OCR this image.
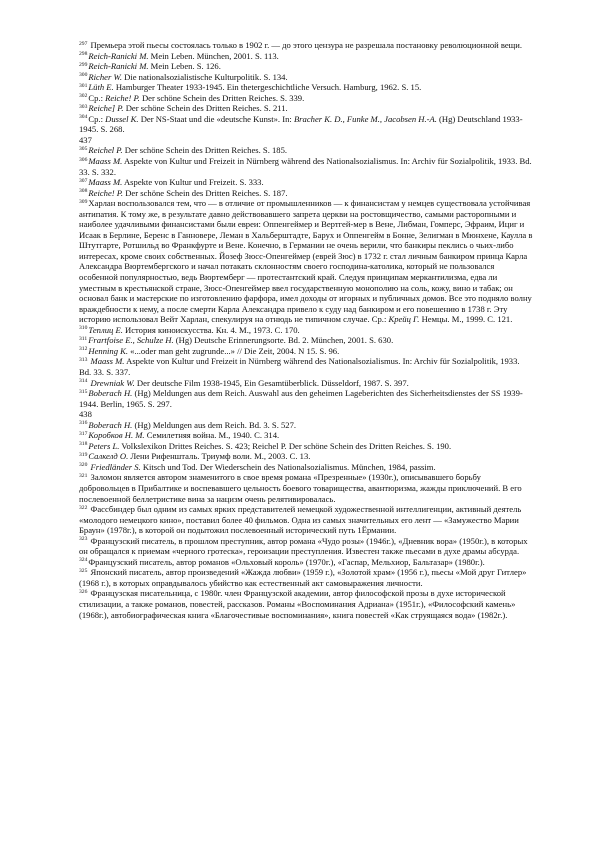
$^{297}$ Премьера этой пьесы состоялась только в 1902 г. — до этого цензура не разрешала постановку революционной вещи.

$^{298}$Reich-Ranicki M. Mein Leben. München, 2001. S. 113.

$^{299}$Reich-Ranicki M. Mein Leben. S. 126.

$^{300}$Richer W. Die nationalsozialistische Kulturpolitik. S. 134.

$^{301}$Lüth E. Hamburger Theater 1933-1945. Ein thetergeschichtliche Versuch. Hamburg, 1962. S. 15.

$^{302}$Cp.: Reiche! P. Der schöne Schein des Dritten Reiches. S. 339.

$^{303}$Reiche] P. Der schöne Schein des Dritten Reiches. S. 211.

$^{304}$Cp.: Dussel K. Der NS-Staat und die «deutsche Kunst». In: Bracher K. D., Funke M., Jacobsen H.-A. (Hg) Deutschland 1933-1945. S. 268.

437

$^{305}$Reichel P. Der schöne Schein des Dritten Reiches. S. 185.

$^{306}$Maass M. Aspekte von Kultur und Freizeit in Nürnberg während des Nationalsozialismus. In: Archiv für Sozialpolitik, 1933. Bd. 33. S. 332.

$^{307}$Maass M. Aspekte von Kultur und Freizeit. S. 333.

$^{308}$Reiche! P. Der schöne Schein des Dritten Reiches. S. 187.

$^{309}$Харлан воспользовался тем, что — в отличие от промышленников — к финансистам у немцев существовала устойчивая антипатия. К тому же, в результате давно действовавшего запрета церкви на ростовщичество, самыми расторопными и наиболее удачливыми финансистами были евреи: Оппенгеймер и Вертгей-мер в Вене, Либман, Гомперс, Эфраим, Ициг и Исаак в Берлине, Беренс в Ганновере, Леман в Хальберштадте, Барух и Оппенгейм в Бонне, Зелигман в Мюнхене, Каулла в Штутгарте, Ротшильд во Франкфурте и Вене. Конечно, в Германии не очень верили, что банкиры пеклись о чьих-либо интересах, кроме своих собственных. Йозеф Зюсс-Опенгеймер (еврей Зюс) в 1732 г. стал личным банкиром принца Карла Александра Вюртембергского и начал потакать склонностям своего господина-католика, который не пользовался особенной популярностью, ведь Вюртемберг — протестантский край. Следуя принципам меркантилизма, едва ли уместным в крестьянской стране, Зюсс-Опенгеймер ввел государственную монополию на соль, кожу, вино и табак; он основал банк и мастерские по изготовлению фарфора, имел доходы от игорных и публичных домов. Все это подняло волну враждебности к нему, а после смерти Карла Александра привело к суду над банкиром и его повешению в 1738 г. Эту историю использовал Вейт Харлан, спекулируя на отнюдь не типичном случае. Ср.: Крейц Г. Немцы. М., 1999. С. 121.

$^{310}$Теплиц Е. История киноискусства. Кн. 4. М., 1973. С. 170.

$^{311}$Frartfoise E., Schulze H. (Hg) Deutsche Erinnerungsorte. Bd. 2. München, 2001. S. 630.

$^{312}$Henning K. «...oder man geht zugrunde...» // Die Zeit, 2004. N 15. S. 96.

$^{313}$ Maass M. Aspekte von Kultur und Freizeit in Nürnberg während des Nationalsozialismus. In: Archiv für Sozialpolitik, 1933. Bd. 33. S. 337.

$^{314}$ Drewniak W. Der deutsche Film 1938-1945, Ein Gesamtüberblick. Düsseldorf, 1987. S. 397.

$^{315}$Boberach H. (Hg) Meldungen aus dem Reich. Auswahl aus den geheimen Lageberichten des Sicherheitsdienstes der SS 1939-1944. Berlin, 1965. S. 297.

438

$^{316}$Boberach H. (Hg) Meldungen aus dem Reich. Bd. 3. S. 527.

$^{317}$Коробков Н. М. Семилетняя война. М., 1940. С. 314.

$^{318}$Peters L. Volkslexikon Drittes Reiches. S. 423; Reichel P. Der schöne Schein des Dritten Reiches. S. 190.

$^{319}$Салкелд О. Лени Рифеншталь. Триумф воли. М., 2003. С. 13.

$^{320}$ Friedländer S. Kitsch und Tod. Der Wiederschein des Nationalsozialismus. München, 1984, passim.

$^{321}$ Заломон является автором знаменитого в свое время романа «Презренные» (1930г.), описывавшего борьбу добровольцев в Прибалтике и воспевавшего цельность боевого товарищества, авантюризма, жажды приключений. В его послевоенной беллетристике вина за нацизм очень релятивировалась.

$^{322}$ Фассбиндер был одним из самых ярких представителей немецкой художественной интеллигенции, активный деятель «молодого немецкого кино», поставил более 40 фильмов. Одна из самых значительных его лент — «Замужество Марии Браун» (1978г.), в которой он подытожил послевоенный исторический путь 1Ёрмании.

$^{323}$ Французский писатель, в прошлом преступник, автор романа «Чудо розы» (1946г.), «Дневник вора» (1950г.), в которых он обращался к приемам «черного гротеска», героизации преступления. Известен также пьесами в духе драмы абсурда.

$^{324}$Французский писатель, автор романов «Ольховый король» (1970г.), «Гаспар, Мельхиор, Бальтазар» (1980г.).

$^{325}$ Японский писатель, автор произведений «Жажда любви» (1959 г.), «Золотой храм» (1956 г.), пьесы «Мой друг Гитлер» (1968 г.), в которых оправдывалось убийство как естественный акт самовыражения личности.

$^{326}$ Французская писательница, с 1980г. член Французской академии, автор философской прозы в духе исторической стилизации, а также романов, повестей, рассказов. Романы «Воспоминания Адриана» (1951г.), «Философский камень» (1968г.), автобиографическая книга «Благочестивые воспоминания», книга повестей «Как струящаяся вода» (1982г.).
